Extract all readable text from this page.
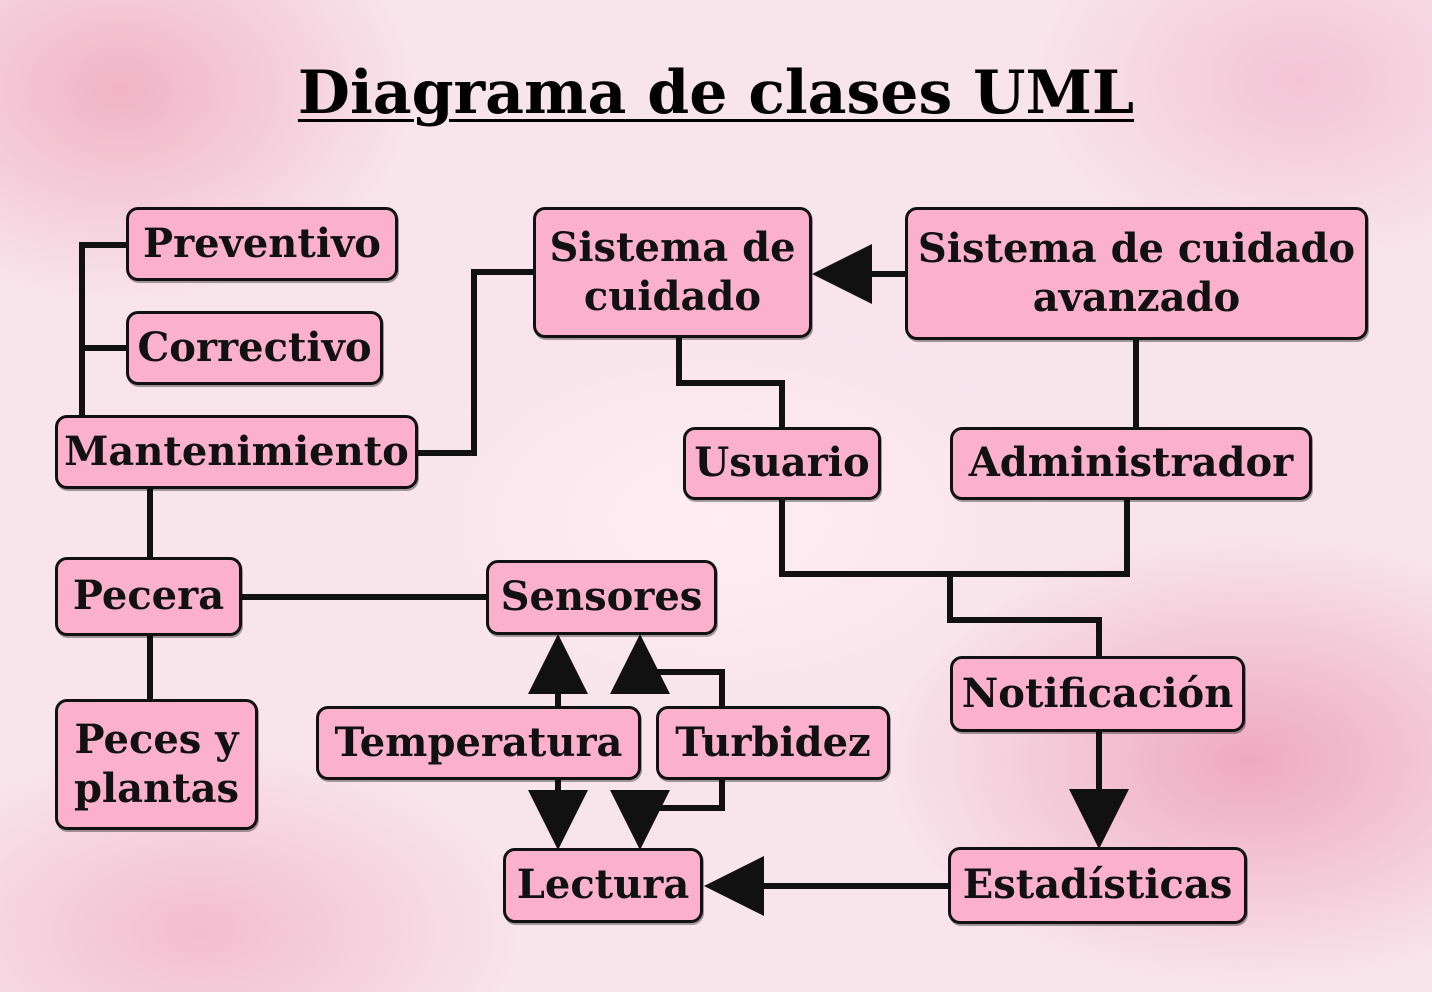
Diagrama de clases UML
Preventivo
Correctivo
Mantenimiento
Sistema de
cuidado
Sistema de cuidado
avanzado
Usuario	Administrador
Pecera	Sensores
Peces y
plantas
Temperatura	Turbidez
Notificación
Lectura	Estadísticas
